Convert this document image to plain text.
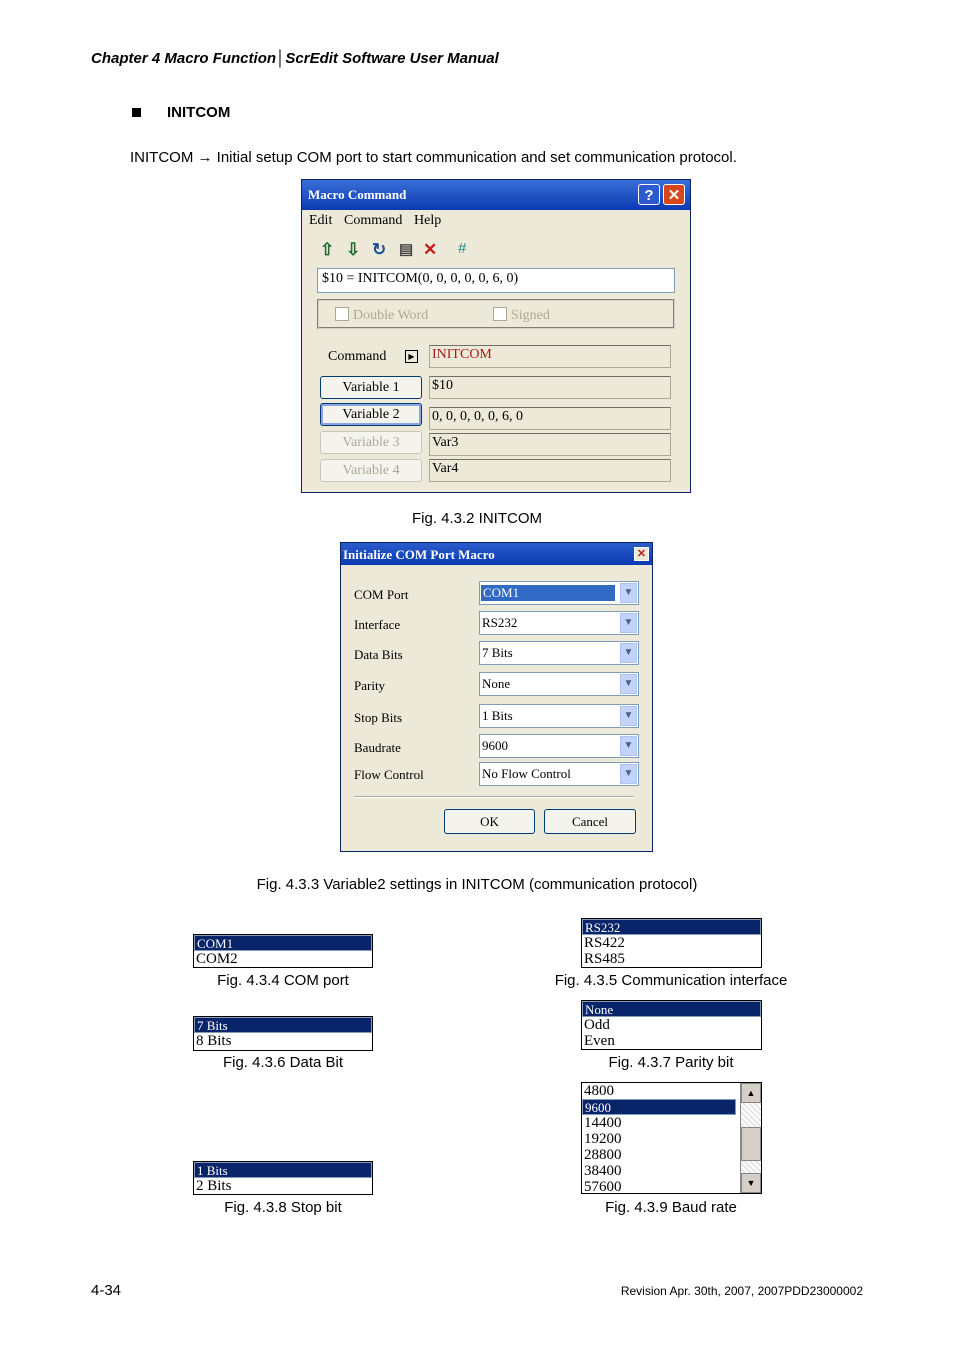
Chapter 4 Macro Function│ScrEdit Software User Manual
INITCOM
INITCOM → Initial setup COM port to start communication and set communication protocol.
Macro Command	? ✕
Edit Command Help
⇧ ⇩ ↻ ▤ ✕ #
$10 = INITCOM(0, 0, 0, 0, 0, 6, 0)
Double Word	Signed
Command	▶ INITCOM
Variable 1	$10
Variable 2	0, 0, 0, 0, 0, 6, 0
Variable 3	Var3
Variable 4	Var4
Fig. 4.3.2 INITCOM
Initialize COM Port Macro	✕
COM Port	COM1	▼
Interface	RS232	▼
Data Bits	7 Bits	▼
Parity	None	▼
Stop Bits	1 Bits	▼
Baudrate	9600	▼
Flow Control	No Flow Control	▼
OK	Cancel
Fig. 4.3.3 Variable2 settings in INITCOM (communication protocol)
COM1
COM2
Fig. 4.3.4 COM port
RS232
RS422
RS485
Fig. 4.3.5 Communication interface
7 Bits
8 Bits
Fig. 4.3.6 Data Bit
None
Odd
Even
Fig. 4.3.7 Parity bit
4800
9600
14400
19200
28800
38400
57600
▲
▼
Fig. 4.3.9 Baud rate
1 Bits
2 Bits
Fig. 4.3.8 Stop bit
4-34	Revision Apr. 30th, 2007, 2007PDD23000002
